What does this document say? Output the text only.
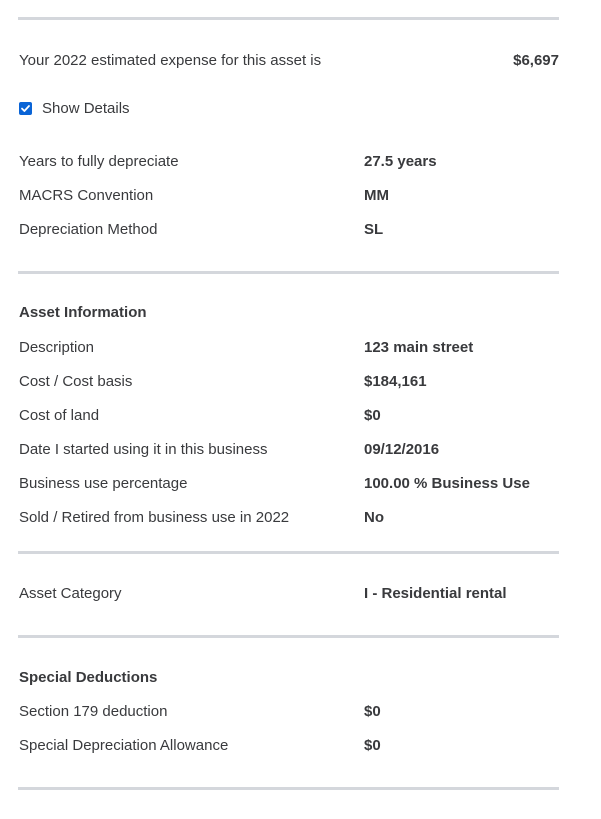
Your 2022 estimated expense for this asset is	$6,697
Show Details
Years to fully depreciate	27.5 years
MACRS Convention	MM
Depreciation Method	SL
Asset Information
Description	123 main street
Cost / Cost basis	$184,161
Cost of land	$0
Date I started using it in this business	09/12/2016
Business use percentage	100.00 % Business Use
Sold / Retired from business use in 2022	No
Asset Category	I - Residential rental
Special Deductions
Section 179 deduction	$0
Special Depreciation Allowance	$0
